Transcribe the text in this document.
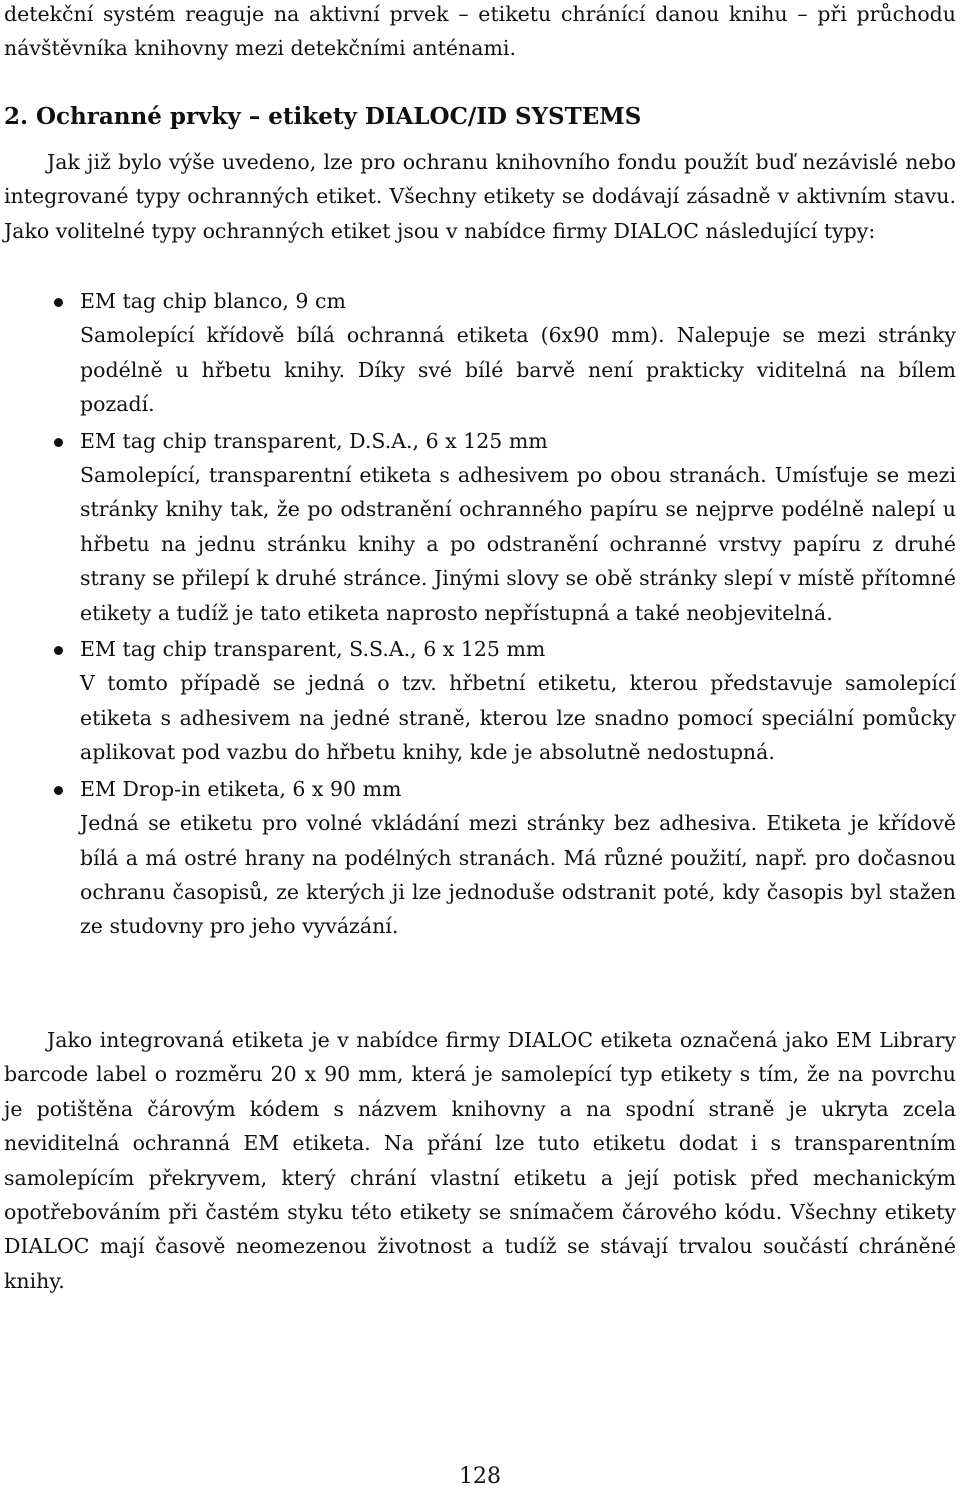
detekční systém reaguje na aktivní prvek – etiketu chránící danou knihu – při průchodu návštěvníka knihovny mezi detekčními anténami.

2. Ochranné prvky – etikety DIALOC/ID SYSTEMS

Jak již bylo výše uvedeno, lze pro ochranu knihovního fondu použít buď nezávislé nebo integrované typy ochranných etiket. Všechny etikety se dodávají zásadně v aktivním stavu. Jako volitelné typy ochranných etiket jsou v nabídce firmy DIALOC následující typy:

EM tag chip blanco, 9 cm
Samolepící křídově bílá ochranná etiketa (6x90 mm). Nalepuje se mezi stránky podélně u hřbetu knihy. Díky své bílé barvě není prakticky viditelná na bílem pozadí.
EM tag chip transparent, D.S.A., 6 x 125 mm
Samolepící, transparentní etiketa s adhesivem po obou stranách. Umísťuje se mezi stránky knihy tak, že po odstranění ochranného papíru se nejprve podélně nalepí u hřbetu na jednu stránku knihy a po odstranění ochranné vrstvy papíru z druhé strany se přilepí k druhé stránce. Jinými slovy se obě stránky slepí v místě přítomné etikety a tudíž je tato etiketa naprosto nepřístupná a také neobjevitelná.
EM tag chip transparent, S.S.A., 6 x 125 mm
V tomto případě se jedná o tzv. hřbetní etiketu, kterou představuje samolepící etiketa s adhesivem na jedné straně, kterou lze snadno pomocí speciální pomůcky aplikovat pod vazbu do hřbetu knihy, kde je absolutně nedostupná.
EM Drop-in etiketa, 6 x 90 mm
Jedná se etiketu pro volné vkládání mezi stránky bez adhesiva. Etiketa je křídově bílá a má ostré hrany na podélných stranách. Má různé použití, např. pro dočasnou ochranu časopisů, ze kterých ji lze jednoduše odstranit poté, kdy časopis byl stažen ze studovny pro jeho vyvázání.

Jako integrovaná etiketa je v nabídce firmy DIALOC etiketa označená jako EM Library barcode label o rozměru 20 x 90 mm, která je samolepící typ etikety s tím, že na povrchu je potištěna čárovým kódem s názvem knihovny a na spodní straně je ukryta zcela neviditelná ochranná EM etiketa. Na přání lze tuto etiketu dodat i s transparentním samolepícím překryvem, který chrání vlastní etiketu a její potisk před mechanickým opotřebováním při častém styku této etikety se snímačem čárového kódu. Všechny etikety DIALOC mají časově neomezenou životnost a tudíž se stávají trvalou součástí chráněné knihy.

128
